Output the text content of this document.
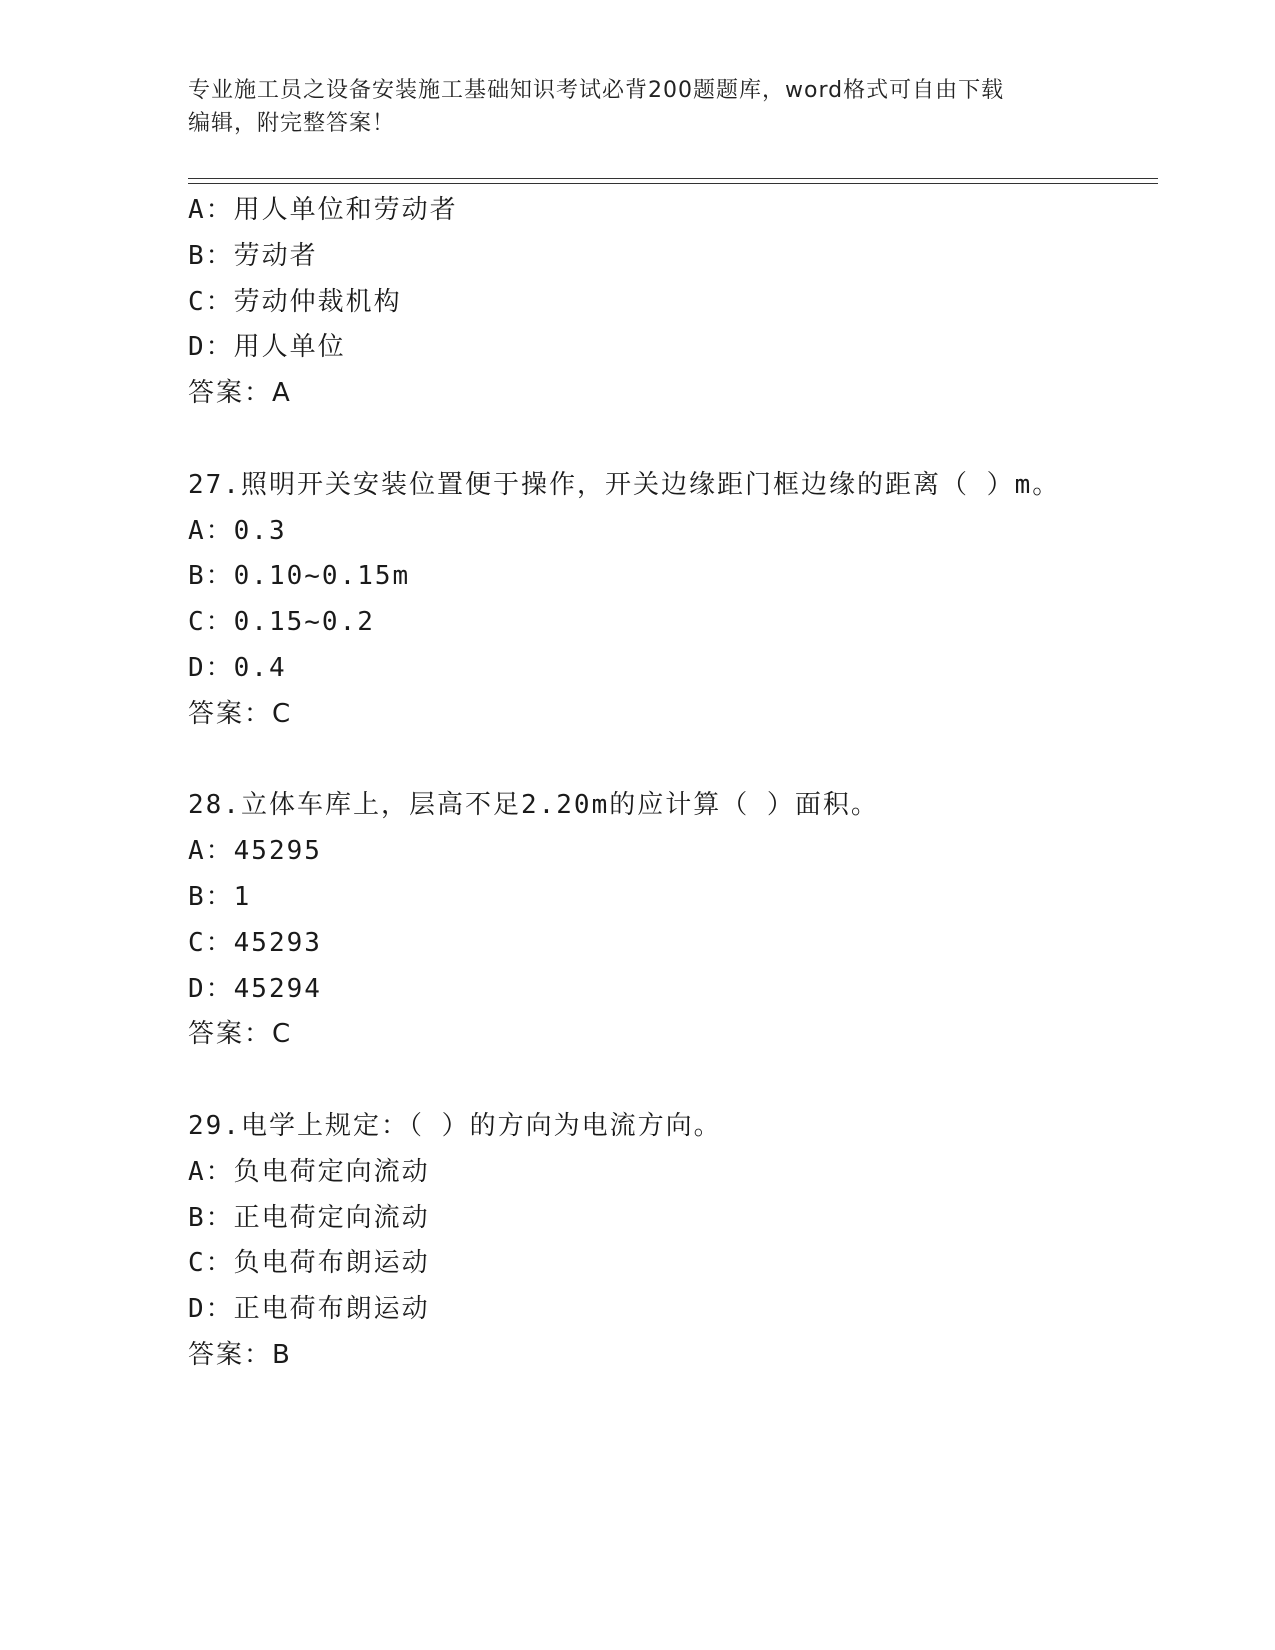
专业施工员之设备安装施工基础知识考试必背200题题库，word格式可自由下载
编辑，附完整答案！
A：用人单位和劳动者
B：劳动者
C：劳动仲裁机构
D：用人单位
答案：A
27.照明开关安装位置便于操作，开关边缘距门框边缘的距离（ ）m。
A：0.3
B：0.10~0.15m
C：0.15~0.2
D：0.4
答案：C
28.立体车库上，层高不足2.20m的应计算（ ）面积。
A：45295
B：1
C：45293
D：45294
答案：C
29.电学上规定：（ ）的方向为电流方向。
A：负电荷定向流动
B：正电荷定向流动
C：负电荷布朗运动
D：正电荷布朗运动
答案：B
